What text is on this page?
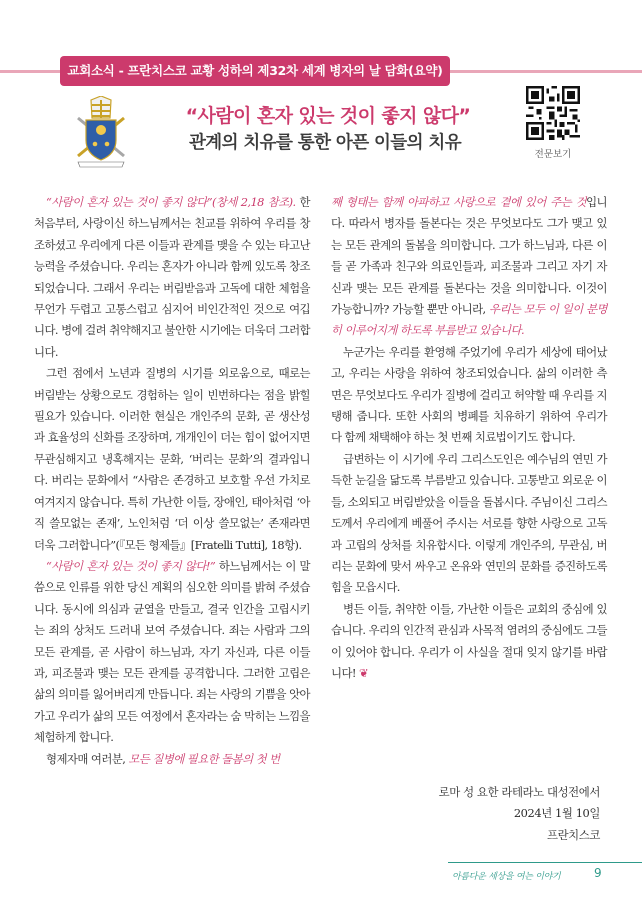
교회소식 - 프란치스코 교황 성하의 제32차 세계 병자의 날 담화(요약)
“사람이 혼자 있는 것이 좋지 않다”
관계의 치유를 통한 아픈 이들의 치유
전문보기

“사람이 혼자 있는 것이 좋지 않다”(창세 2,18 참조). 한처음부터, 사랑이신 하느님께서는 친교를 위하여 우리를 창조하셨고 우리에게 다른 이들과 관계를 맺을 수 있는 타고난 능력을 주셨습니다. 우리는 혼자가 아니라 함께 있도록 창조되었습니다. 그래서 우리는 버림받음과 고독에 대한 체험을 무언가 두렵고 고통스럽고 심지어 비인간적인 것으로 여깁니다. 병에 걸려 취약해지고 불안한 시기에는 더욱더 그러합니다.

그런 점에서 노년과 질병의 시기를 외로움으로, 때로는 버림받는 상황으로도 경험하는 일이 빈번하다는 점을 밝힐 필요가 있습니다. 이러한 현실은 개인주의 문화, 곧 생산성과 효율성의 신화를 조장하며, 개개인이 더는 힘이 없어지면 무관심해지고 냉혹해지는 문화, ‘버리는 문화’의 결과입니다. 버리는 문화에서 “사람은 존경하고 보호할 우선 가치로 여겨지지 않습니다. 특히 가난한 이들, 장애인, 태아처럼 ‘아직 쓸모없는 존재’, 노인처럼 ‘더 이상 쓸모없는’ 존재라면 더욱 그러합니다”(『모든 형제들』[Fratelli Tutti], 18항).

“사람이 혼자 있는 것이 좋지 않다!” 하느님께서는 이 말씀으로 인류를 위한 당신 계획의 심오한 의미를 밝혀 주셨습니다. 동시에 의심과 균열을 만들고, 결국 인간을 고립시키는 죄의 상처도 드러내 보여 주셨습니다. 죄는 사람과 그의 모든 관계를, 곧 사람이 하느님과, 자기 자신과, 다른 이들과, 피조물과 맺는 모든 관계를 공격합니다. 그러한 고립은 삶의 의미를 잃어버리게 만듭니다. 죄는 사랑의 기쁨을 앗아가고 우리가 삶의 모든 여정에서 혼자라는 숨 막히는 느낌을 체험하게 합니다.

형제자매 여러분, 모든 질병에 필요한 돌봄의 첫 번

째 형태는 함께 아파하고 사랑으로 곁에 있어 주는 것입니다. 따라서 병자를 돌본다는 것은 무엇보다도 그가 맺고 있는 모든 관계의 돌봄을 의미합니다. 그가 하느님과, 다른 이들 곧 가족과 친구와 의료인들과, 피조물과 그리고 자기 자신과 맺는 모든 관계를 돌본다는 것을 의미합니다. 이것이 가능합니까? 가능할 뿐만 아니라, 우리는 모두 이 일이 분명히 이루어지게 하도록 부름받고 있습니다.

누군가는 우리를 환영해 주었기에 우리가 세상에 태어났고, 우리는 사랑을 위하여 창조되었습니다. 삶의 이러한 측면은 무엇보다도 우리가 질병에 걸리고 허약할 때 우리를 지탱해 줍니다. 또한 사회의 병폐를 치유하기 위하여 우리가 다 함께 채택해야 하는 첫 번째 치료법이기도 합니다.

급변하는 이 시기에 우리 그리스도인은 예수님의 연민 가득한 눈길을 닮도록 부름받고 있습니다. 고통받고 외로운 이들, 소외되고 버림받았을 이들을 돌봅시다. 주님이신 그리스도께서 우리에게 베풀어 주시는 서로를 향한 사랑으로 고독과 고립의 상처를 치유합시다. 이렇게 개인주의, 무관심, 버리는 문화에 맞서 싸우고 온유와 연민의 문화를 증진하도록 힘을 모읍시다.

병든 이들, 취약한 이들, 가난한 이들은 교회의 중심에 있습니다. 우리의 인간적 관심과 사목적 염려의 중심에도 그들이 있어야 합니다. 우리가 이 사실을 절대 잊지 않기를 바랍니다! ❦

로마 성 요한 라테라노 대성전에서
2024년 1월 10일
프란치스코
아름다운 세상을 여는 이야기	9
